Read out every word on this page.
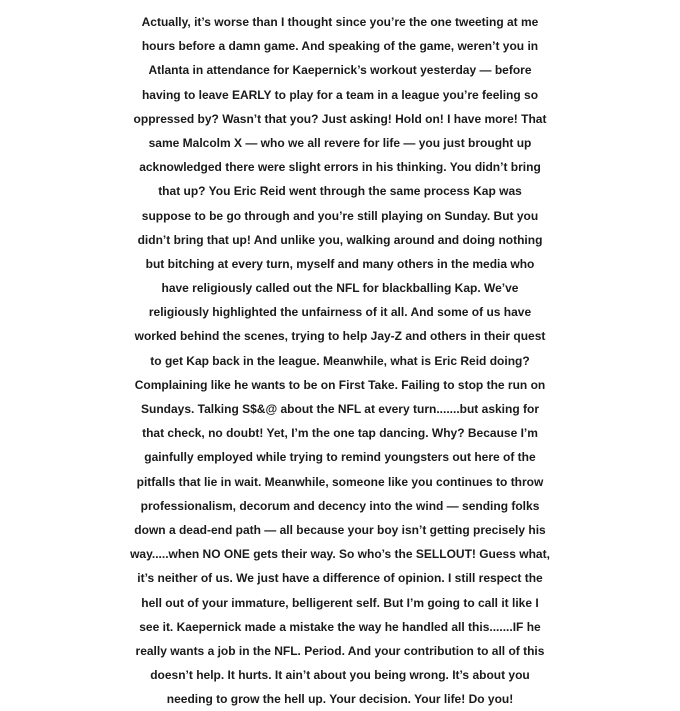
Actually, it’s worse than I thought since you’re the one tweeting at me
hours before a damn game. And speaking of the game, weren’t you in
Atlanta in attendance for Kaepernick’s workout yesterday — before
having to leave EARLY to play for a team in a league you’re feeling so
oppressed by? Wasn’t that you? Just asking! Hold on! I have more! That
same Malcolm X — who we all revere for life — you just brought up
acknowledged there were slight errors in his thinking. You didn’t bring
that up? You Eric Reid went through the same process Kap was
suppose to be go through and you’re still playing on Sunday. But you
didn’t bring that up! And unlike you, walking around and doing nothing
but bitching at every turn, myself and many others in the media who
have religiously called out the NFL for blackballing Kap. We’ve
religiously highlighted the unfairness of it all. And some of us have
worked behind the scenes, trying to help Jay-Z and others in their quest
to get Kap back in the league. Meanwhile, what is Eric Reid doing?
Complaining like he wants to be on First Take. Failing to stop the run on
Sundays. Talking S$&@ about the NFL at every turn.......but asking for
that check, no doubt! Yet, I’m the one tap dancing. Why? Because I’m
gainfully employed while trying to remind youngsters out here of the
pitfalls that lie in wait. Meanwhile, someone like you continues to throw
professionalism, decorum and decency into the wind — sending folks
down a dead-end path — all because your boy isn’t getting precisely his
way.....when NO ONE gets their way. So who’s the SELLOUT! Guess what,
it’s neither of us. We just have a difference of opinion. I still respect the
hell out of your immature, belligerent self. But I’m going to call it like I
see it. Kaepernick made a mistake the way he handled all this.......IF he
really wants a job in the NFL. Period. And your contribution to all of this
doesn’t help. It hurts. It ain’t about you being wrong. It’s about you
needing to grow the hell up. Your decision. Your life! Do you!
